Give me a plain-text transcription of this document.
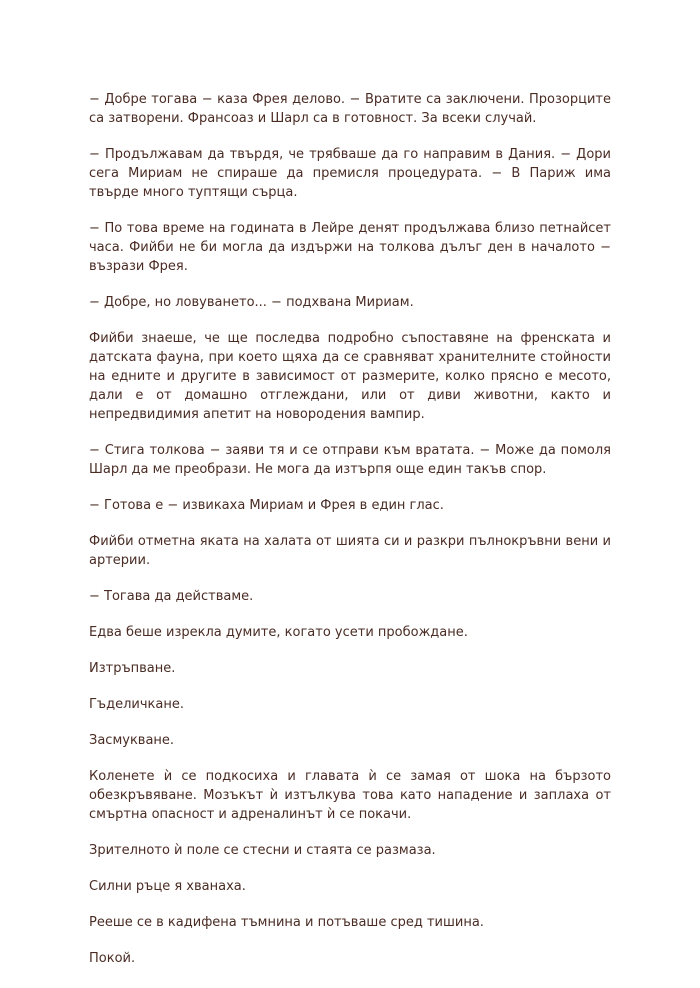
− Добре тогава − каза Фрея делово. − Вратите са заключени. Прозорците са затворени. Франсоаз и Шарл са в готовност. За всеки случай.

− Продължавам да твърдя, че трябваше да го направим в Дания. − Дори сега Мириам не спираше да премисля процедурата. − В Париж има твърде много туптящи сърца.

− По това време на годината в Лейре денят продължава близо петнайсет часа. Фийби не би могла да издържи на толкова дълъг ден в началото − възрази Фрея.

− Добре, но ловуването... − подхвана Мириам.

Фийби знаеше, че ще последва подробно съпоставяне на френската и датската фауна, при което щяха да се сравняват хранителните стойности на едните и другите в зависимост от размерите, колко прясно е месото, дали е от домашно отглеждани, или от диви животни, както и непредвидимия апетит на новородения вампир.

− Стига толкова − заяви тя и се отправи към вратата. − Може да помоля Шарл да ме преобрази. Не мога да изтърпя още един такъв спор.

− Готова е − извикаха Мириам и Фрея в един глас.

Фийби отметна яката на халата от шията си и разкри пълнокръвни вени и артерии.

− Тогава да действаме.

Едва беше изрекла думите, когато усети пробождане.

Изтръпване.

Гъделичкане.

Засмукване.

Коленете ѝ се подкосиха и главата ѝ се замая от шока на бързото обезкръвяване. Мозъкът ѝ изтълкува това като нападение и заплаха от смъртна опасност и адреналинът ѝ се покачи.

Зрителното ѝ поле се стесни и стаята се размаза.

Силни ръце я хванаха.

Рееше се в кадифена тъмнина и потъваше сред тишина.

Покой.
